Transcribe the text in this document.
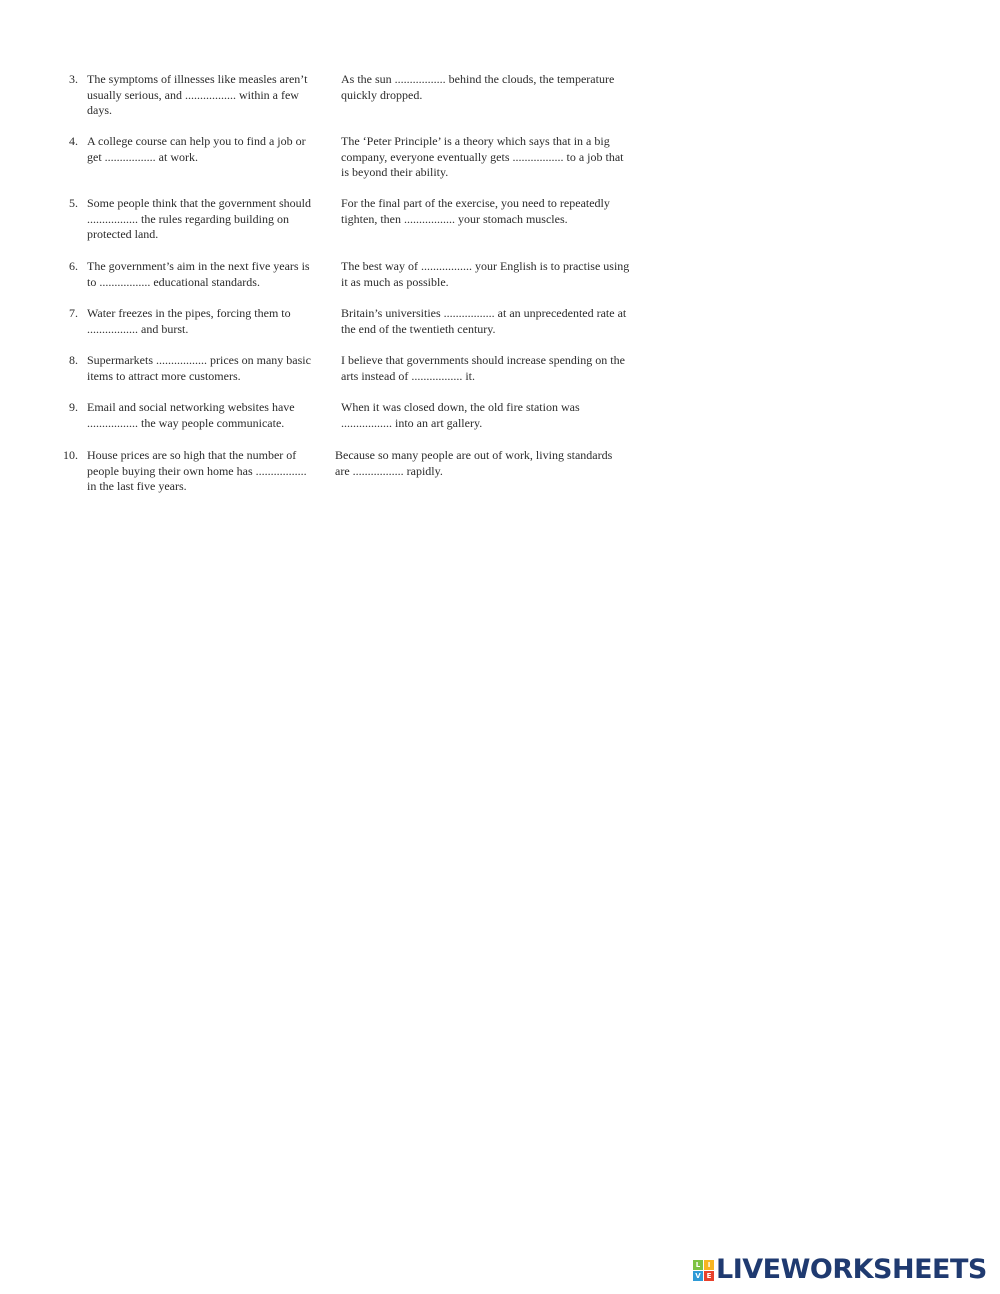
3. The symptoms of illnesses like measles aren’t
usually serious, and ................. within a few
days.
As the sun ................. behind the clouds, the temperature
quickly dropped.
4. A college course can help you to find a job or
get ................. at work.
The ‘Peter Principle’ is a theory which says that in a big
company, everyone eventually gets ................. to a job that
is beyond their ability.
5. Some people think that the government should
................. the rules regarding building on
protected land.
For the final part of the exercise, you need to repeatedly
tighten, then ................. your stomach muscles.
6. The government’s aim in the next five years is
to ................. educational standards.
The best way of ................. your English is to practise using
it as much as possible.
7. Water freezes in the pipes, forcing them to
................. and burst.
Britain’s universities ................. at an unprecedented rate at
the end of the twentieth century.
8. Supermarkets ................. prices on many basic
items to attract more customers.
I believe that governments should increase spending on the
arts instead of ................. it.
9. Email and social networking websites have
................. the way people communicate.
When it was closed down, the old fire station was
................. into an art gallery.
10. House prices are so high that the number of
people buying their own home has .................
in the last five years.
Because so many people are out of work, living standards
are ................. rapidly.
L	I
V E LIVEWORKSHEETS
